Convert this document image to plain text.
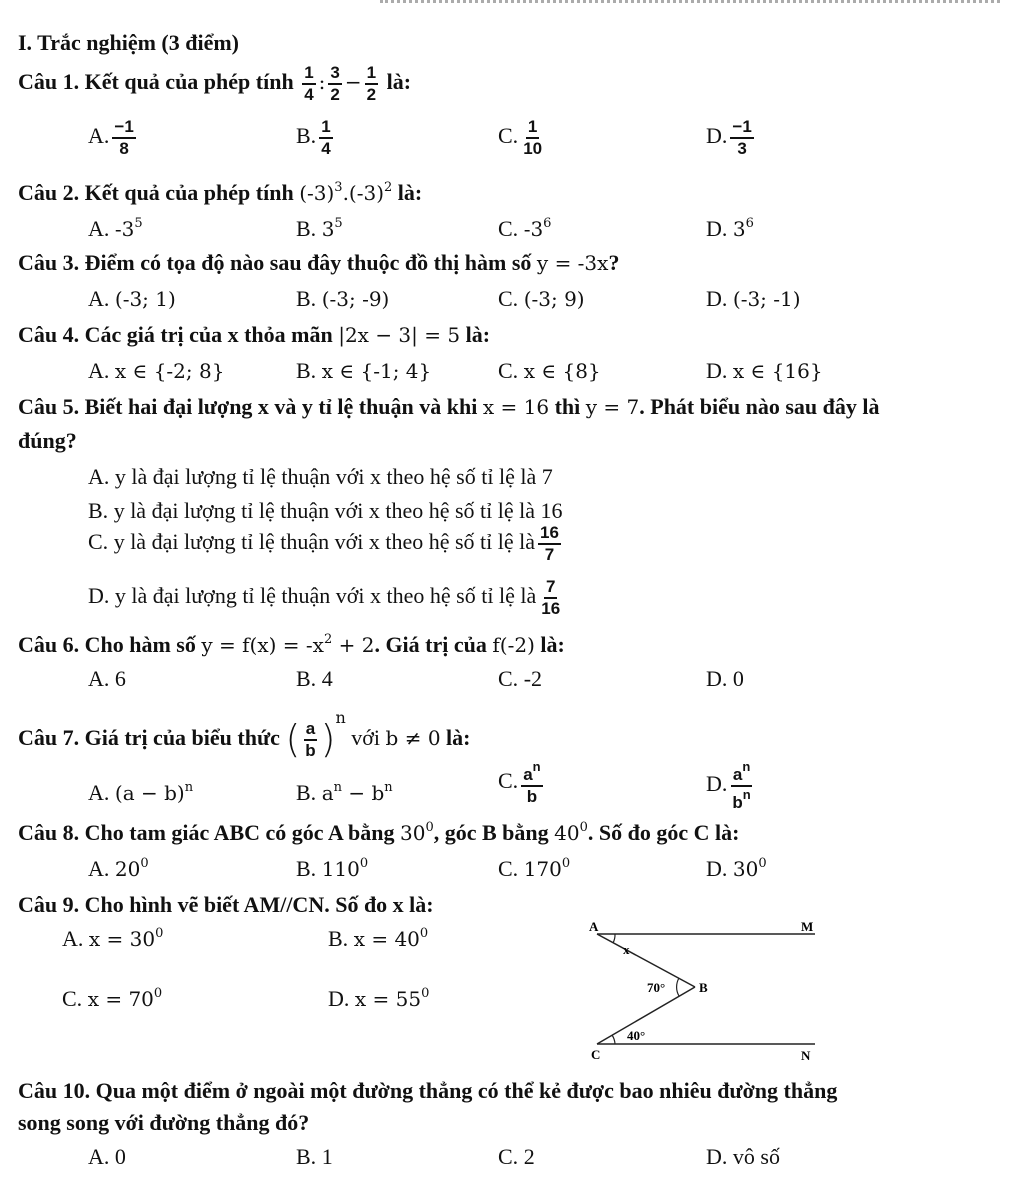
I. Trắc nghiệm (3 điểm)
Câu 1. Kết quả của phép tính $\frac{1}{4}$ : $\frac{3}{2} - \frac{1}{2}$ là:
A. $\frac{-1}{8}$	B. $\frac{1}{4}$	C. $\frac{1}{10}$	D. $\frac{-1}{3}$
Câu 2. Kết quả của phép tính $(-3)^3.(-3)^2$ là:
A. $-3^5$	B. $3^5$	C. $-3^6$	D. $3^6$
Câu 3. Điểm có tọa độ nào sau đây thuộc đồ thị hàm số y = -3x?
A. (-3; 1)	B. (-3; -9)	C. (-3; 9)	D. (-3; -1)
Câu 4. Các giá trị của x thỏa mãn |2x − 3| = 5 là:
A. x ∈ {-2; 8}	B. x ∈ {-1; 4}	C. x ∈ {8}	D. x ∈ {16}
Câu 5. Biết hai đại lượng x và y tỉ lệ thuận và khi x = 16 thì y = 7. Phát biểu nào sau đây là
đúng?
A. y là đại lượng tỉ lệ thuận với x theo hệ số tỉ lệ là 7
B. y là đại lượng tỉ lệ thuận với x theo hệ số tỉ lệ là 16
C. y là đại lượng tỉ lệ thuận với x theo hệ số tỉ lệ là $\frac{16}{7}$
D. y là đại lượng tỉ lệ thuận với x theo hệ số tỉ lệ là $\frac{7}{16}$
Câu 6. Cho hàm số $y = f(x) = -x^2 + 2$. Giá trị của f(-2) là:
A. 6	B. 4	C. -2	D. 0
Câu 7. Giá trị của biểu thức ( $\frac{a}{b} )^n$ với b ≠ 0 là:
A. $(a - b)^n$	B. $a^n - b^n$	C. $\frac{a^n}{b}$	D. $\frac{a^n}{b^n}$
Câu 8. Cho tam giác ABC có góc A bằng $30^0$, góc B bằng $40^0$. Số đo góc C là:
A. $20^0$	B. $110^0$	C. $170^0$	D. $30^0$
Câu 9. Cho hình vẽ biết AM//CN. Số đo x là:
A. $x = 30^0$	B. $x = 40^0$
C. $x = 70^0$	D. $x = 55^0$
A	M
B
C	N
x
70°
40°
Câu 10. Qua một điểm ở ngoài một đường thẳng có thể kẻ được bao nhiêu đường thẳng
song song với đường thẳng đó?
A. 0	B. 1	C. 2	D. vô số
